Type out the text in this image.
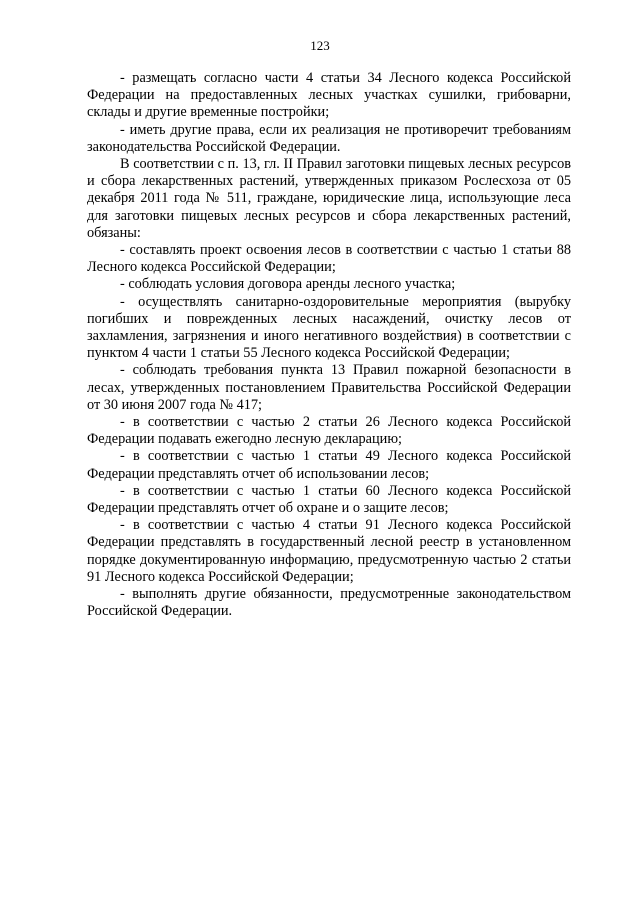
123

- размещать согласно части 4 статьи 34 Лесного кодекса Российской Федерации на предоставленных лесных участках сушилки, грибоварни, склады и другие временные постройки;

- иметь другие права, если их реализация не противоречит требованиям законодательства Российской Федерации.

В соответствии с п. 13, гл. II Правил заготовки пищевых лесных ресурсов и сбора лекарственных растений, утвержденных приказом Рослесхоза от 05 декабря 2011 года № 511, граждане, юридические лица, использующие леса для заготовки пищевых лесных ресурсов и сбора лекарственных растений, обязаны:

- составлять проект освоения лесов в соответствии с частью 1 статьи 88 Лесного кодекса Российской Федерации;

- соблюдать условия договора аренды лесного участка;

- осуществлять санитарно-оздоровительные мероприятия (вырубку погибших и поврежденных лесных насаждений, очистку лесов от захламления, загрязнения и иного негативного воздействия) в соответствии с пунктом 4 части 1 статьи 55 Лесного кодекса Российской Федерации;

- соблюдать требования пункта 13 Правил пожарной безопасности в лесах, утвержденных постановлением Правительства Российской Федерации от 30 июня 2007 года № 417;

- в соответствии с частью 2 статьи 26 Лесного кодекса Российской Федерации подавать ежегодно лесную декларацию;

- в соответствии с частью 1 статьи 49 Лесного кодекса Российской Федерации представлять отчет об использовании лесов;

- в соответствии с частью 1 статьи 60 Лесного кодекса Российской Федерации представлять отчет об охране и о защите лесов;

- в соответствии с частью 4 статьи 91 Лесного кодекса Российской Федерации представлять в государственный лесной реестр в установленном порядке документированную информацию, предусмотренную частью 2 статьи 91 Лесного кодекса Российской Федерации;

- выполнять другие обязанности, предусмотренные законодательством Российской Федерации.
